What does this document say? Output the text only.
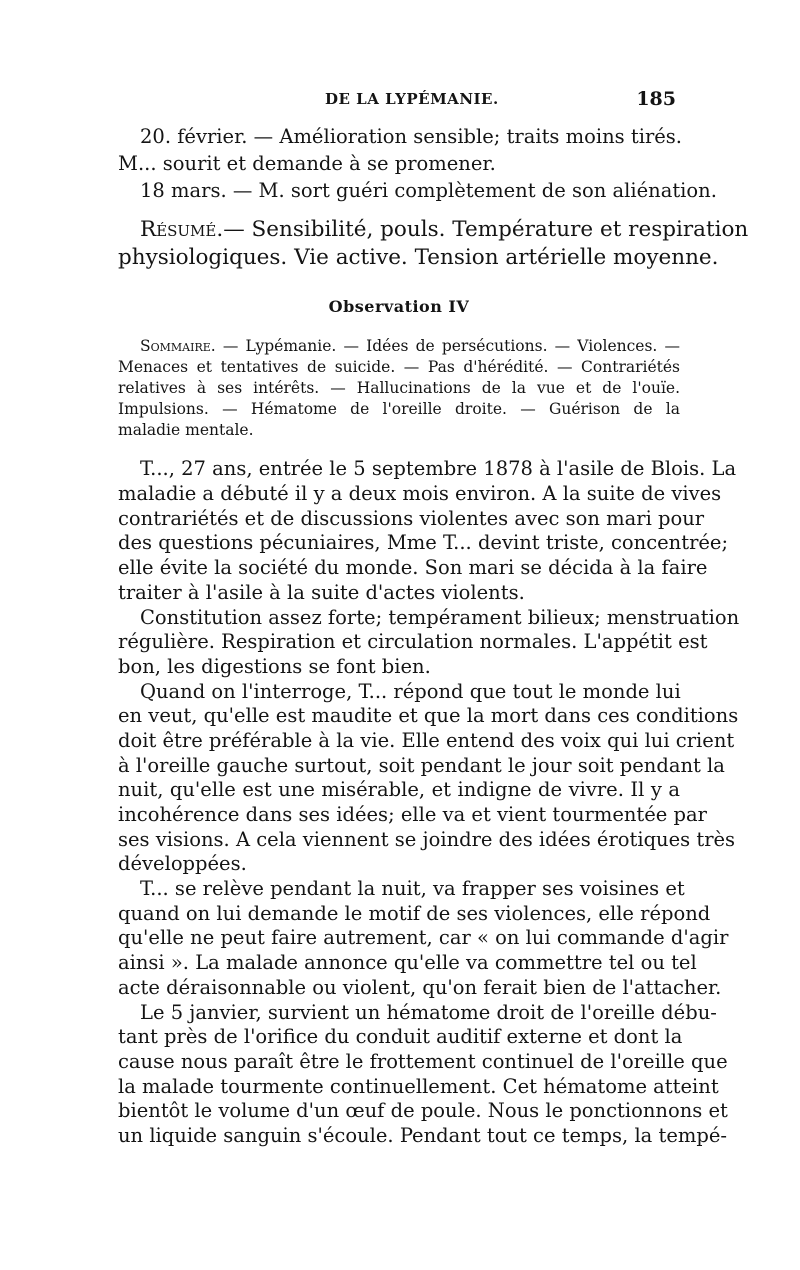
DE LA LYPÉMANIE.	185
20. février. — Amélioration sensible; traits moins tirés.
M... sourit et demande à se promener.
18 mars. — M. sort guéri complètement de son aliénation.
Résumé.— Sensibilité, pouls. Température et respiration
physiologiques. Vie active. Tension artérielle moyenne.
Observation IV
Sommaire. — Lypémanie. — Idées de persécutions. — Violences. —
Menaces et tentatives de suicide. — Pas d'hérédité. — Contrariétés
relatives à ses intérêts. — Hallucinations de la vue et de l'ouïe.
Impulsions. — Hématome de l'oreille droite. — Guérison de la
maladie mentale.
T..., 27 ans, entrée le 5 septembre 1878 à l'asile de Blois. La
maladie a débuté il y a deux mois environ. A la suite de vives
contrariétés et de discussions violentes avec son mari pour
des questions pécuniaires, Mme T... devint triste, concentrée;
elle évite la société du monde. Son mari se décida à la faire
traiter à l'asile à la suite d'actes violents.
Constitution assez forte; tempérament bilieux; menstruation
régulière. Respiration et circulation normales. L'appétit est
bon, les digestions se font bien.
Quand on l'interroge, T... répond que tout le monde lui
en veut, qu'elle est maudite et que la mort dans ces conditions
doit être préférable à la vie. Elle entend des voix qui lui crient
à l'oreille gauche surtout, soit pendant le jour soit pendant la
nuit, qu'elle est une misérable, et indigne de vivre. Il y a
incohérence dans ses idées; elle va et vient tourmentée par
ses visions. A cela viennent se joindre des idées érotiques très
développées.
T... se relève pendant la nuit, va frapper ses voisines et
quand on lui demande le motif de ses violences, elle répond
qu'elle ne peut faire autrement, car « on lui commande d'agir
ainsi ». La malade annonce qu'elle va commettre tel ou tel
acte déraisonnable ou violent, qu'on ferait bien de l'attacher.
Le 5 janvier, survient un hématome droit de l'oreille débu-
tant près de l'orifice du conduit auditif externe et dont la
cause nous paraît être le frottement continuel de l'oreille que
la malade tourmente continuellement. Cet hématome atteint
bientôt le volume d'un œuf de poule. Nous le ponctionnons et
un liquide sanguin s'écoule. Pendant tout ce temps, la tempé-
